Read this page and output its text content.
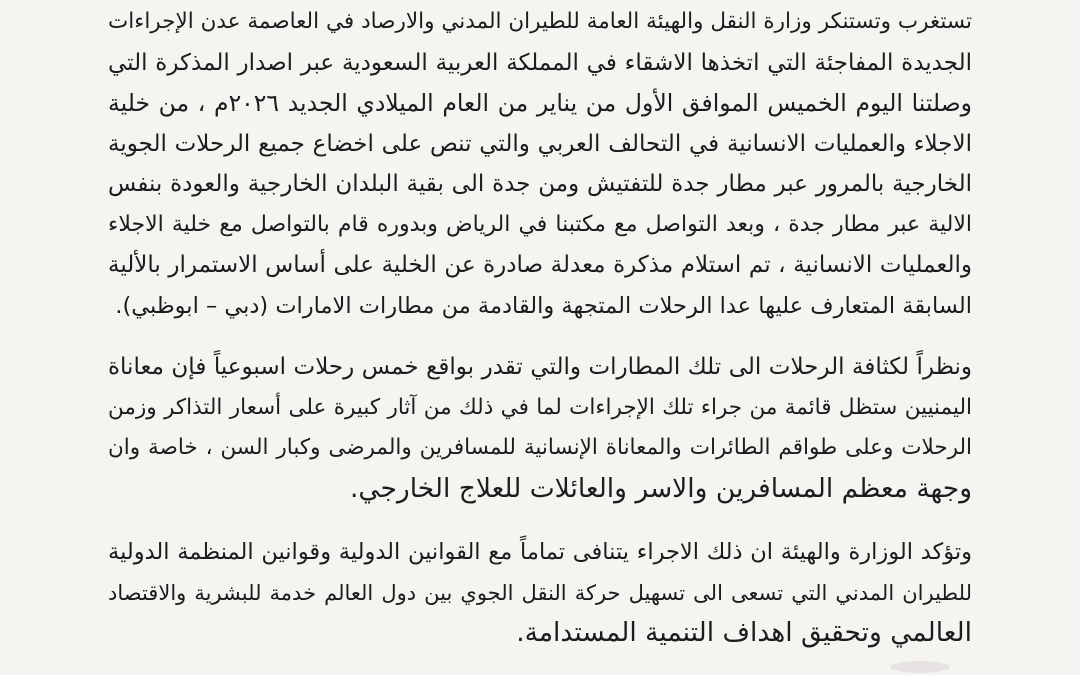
تستغرب وتستنكر وزارة النقل والهيئة العامة للطيران المدني والارصاد في العاصمة عدن الإجراءات
الجديدة المفاجئة التي اتخذها الاشقاء في المملكة العربية السعودية عبر اصدار المذكرة التي
وصلتنا اليوم الخميس الموافق الأول من يناير من العام الميلادي الجديد ٢٠٢٦م ، من خلية
الاجلاء والعمليات الانسانية في التحالف العربي والتي تنص على اخضاع جميع الرحلات الجوية
الخارجية بالمرور عبر مطار جدة للتفتيش ومن جدة الى بقية البلدان الخارجية والعودة بنفس
الالية عبر مطار جدة ، وبعد التواصل مع مكتبنا في الرياض وبدوره قام بالتواصل مع خلية الاجلاء
والعمليات الانسانية ، تم استلام مذكرة معدلة صادرة عن الخلية على أساس الاستمرار بالألية
السابقة المتعارف عليها عدا الرحلات المتجهة والقادمة من مطارات الامارات (دبي – ابوظبي).

ونظراً لكثافة الرحلات الى تلك المطارات والتي تقدر بواقع خمس رحلات اسبوعياً فإن معاناة
اليمنيين ستظل قائمة من جراء تلك الإجراءات لما في ذلك من آثار كبيرة على أسعار التذاكر وزمن
الرحلات وعلى طواقم الطائرات والمعاناة الإنسانية للمسافرين والمرضى وكبار السن ، خاصة وان
وجهة معظم المسافرين والاسر والعائلات للعلاج الخارجي.

وتؤكد الوزارة والهيئة ان ذلك الاجراء يتنافى تماماً مع القوانين الدولية وقوانين المنظمة الدولية
للطيران المدني التي تسعى الى تسهيل حركة النقل الجوي بين دول العالم خدمة للبشرية والاقتصاد
العالمي وتحقيق اهداف التنمية المستدامة.
